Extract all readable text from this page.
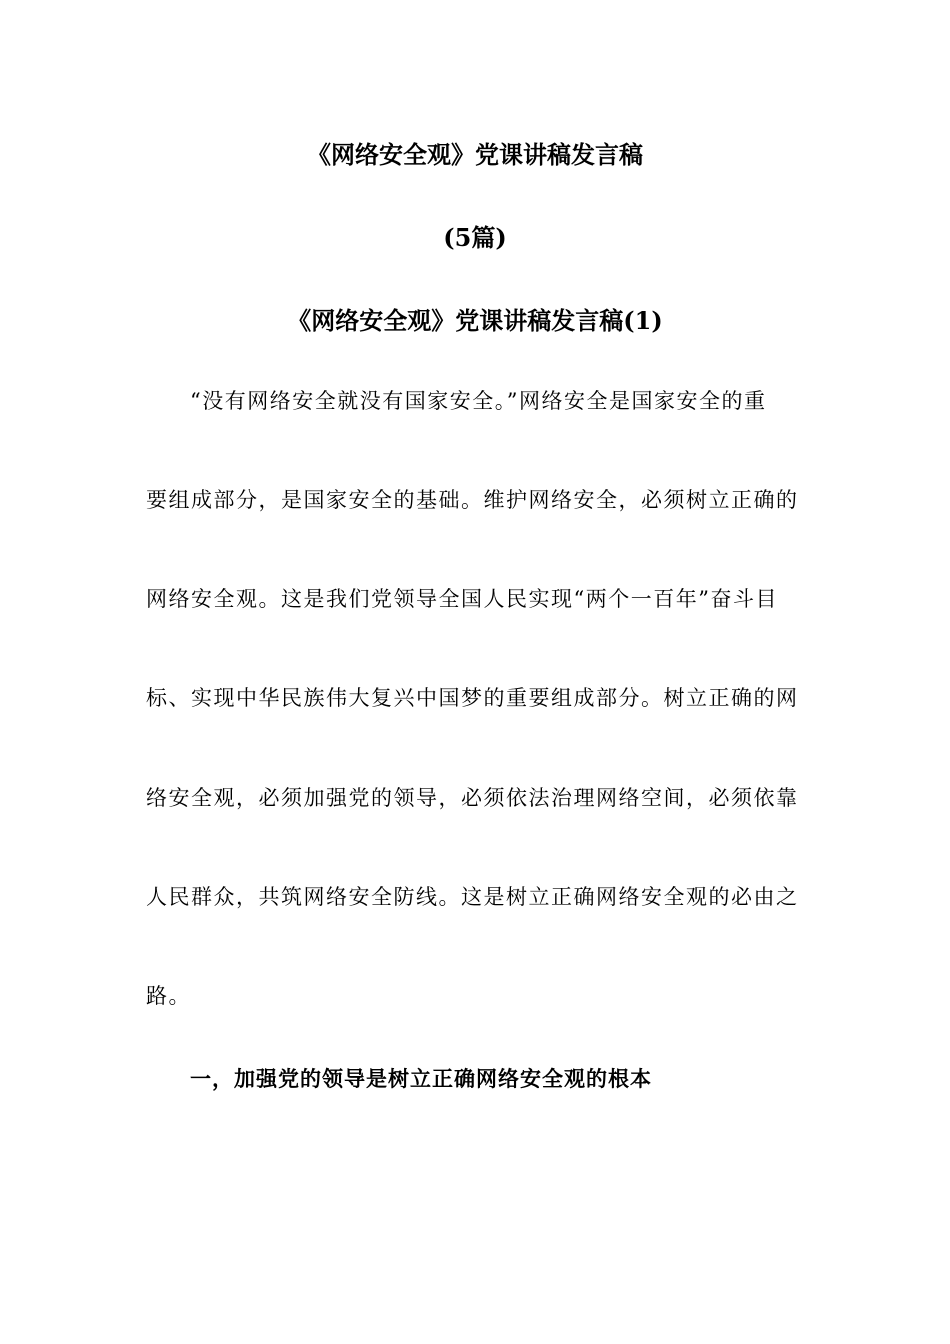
《网络安全观》党课讲稿发言稿
(5篇)
《网络安全观》党课讲稿发言稿(1)
“没有网络安全就没有国家安全。”网络安全是国家安全的重
要组成部分，是国家安全的基础。维护网络安全，必须树立正确的
网络安全观。这是我们党领导全国人民实现“两个一百年”奋斗目
标、实现中华民族伟大复兴中国梦的重要组成部分。树立正确的网
络安全观，必须加强党的领导，必须依法治理网络空间，必须依靠
人民群众，共筑网络安全防线。这是树立正确网络安全观的必由之
路。
一，加强党的领导是树立正确网络安全观的根本
